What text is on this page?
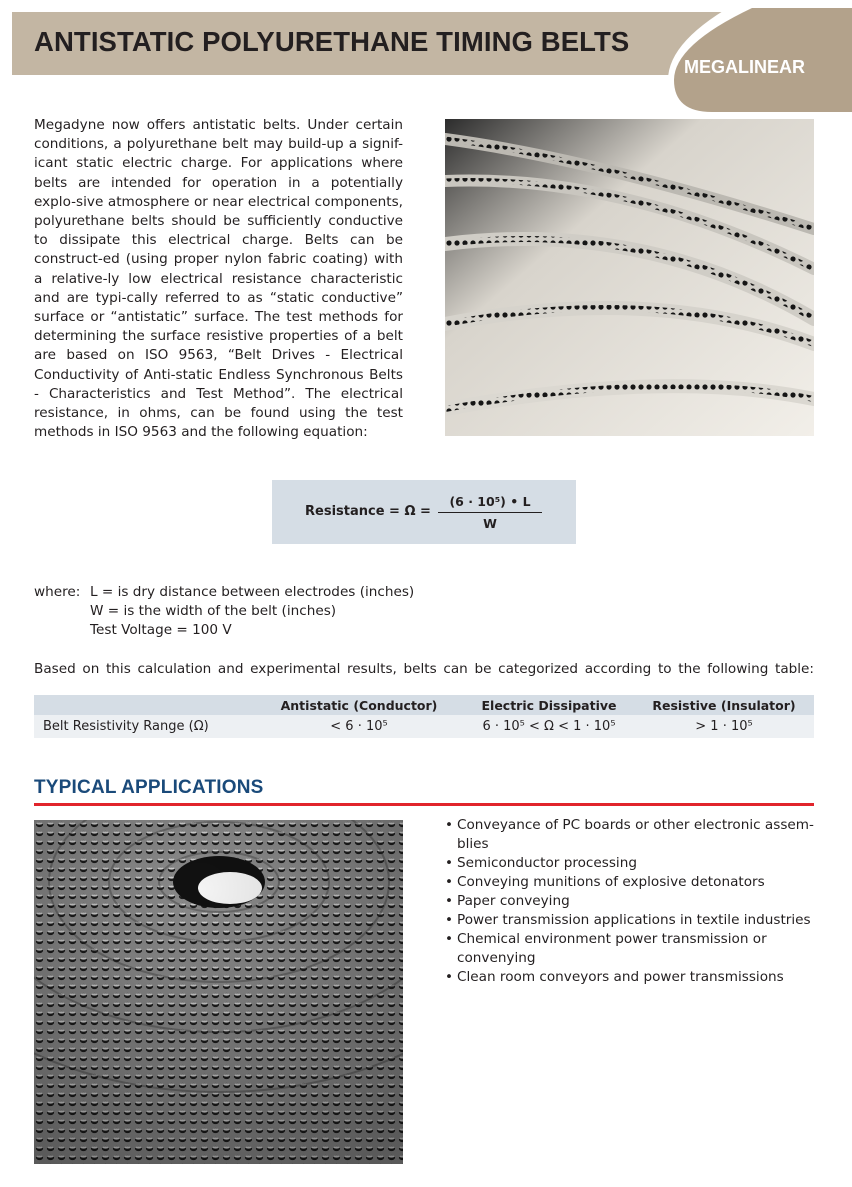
ANTISTATIC POLYURETHANE TIMING BELTS
MEGALINEAR

Megadyne now offers antistatic belts. Under certain conditions, a polyurethane belt may build-up a signif-icant static electric charge. For applications where belts are intended for operation in a potentially explo-sive atmosphere or near electrical components, polyurethane belts should be sufficiently conductive to dissipate this electrical charge. Belts can be construct-ed (using proper nylon fabric coating) with a relative-ly low electrical resistance characteristic and are typi-cally referred to as “static conductive” surface or “antistatic” surface. The test methods for determining the surface resistive properties of a belt are based on ISO 9563, “Belt Drives - Electrical Conductivity of Anti-static Endless Synchronous Belts - Characteristics and Test Method”. The electrical resistance, in ohms, can be found using the test methods in ISO 9563 and the following equation:

Resistance = Ω =
(6 · 10⁵) • L
W
where: L = is dry distance between electrodes (inches)
W = is the width of the belt (inches)
Test Voltage = 100 V

Based on this calculation and experimental results, belts can be categorized according to the following table:

	Antistatic (Conductor)	Electric Dissipative	Resistive (Insulator)
Belt Resistivity Range (Ω)	< 6 · 10⁵	6 · 10⁵ < Ω < 1 · 10⁵	> 1 · 10⁵
TYPICAL APPLICATIONS
• Conveyance of PC boards or other electronic assem-blies
• Semiconductor processing
• Conveying munitions of explosive detonators
• Paper conveying
• Power transmission applications in textile industries
• Chemical environment power transmission or convenying
• Clean room conveyors and power transmissions
